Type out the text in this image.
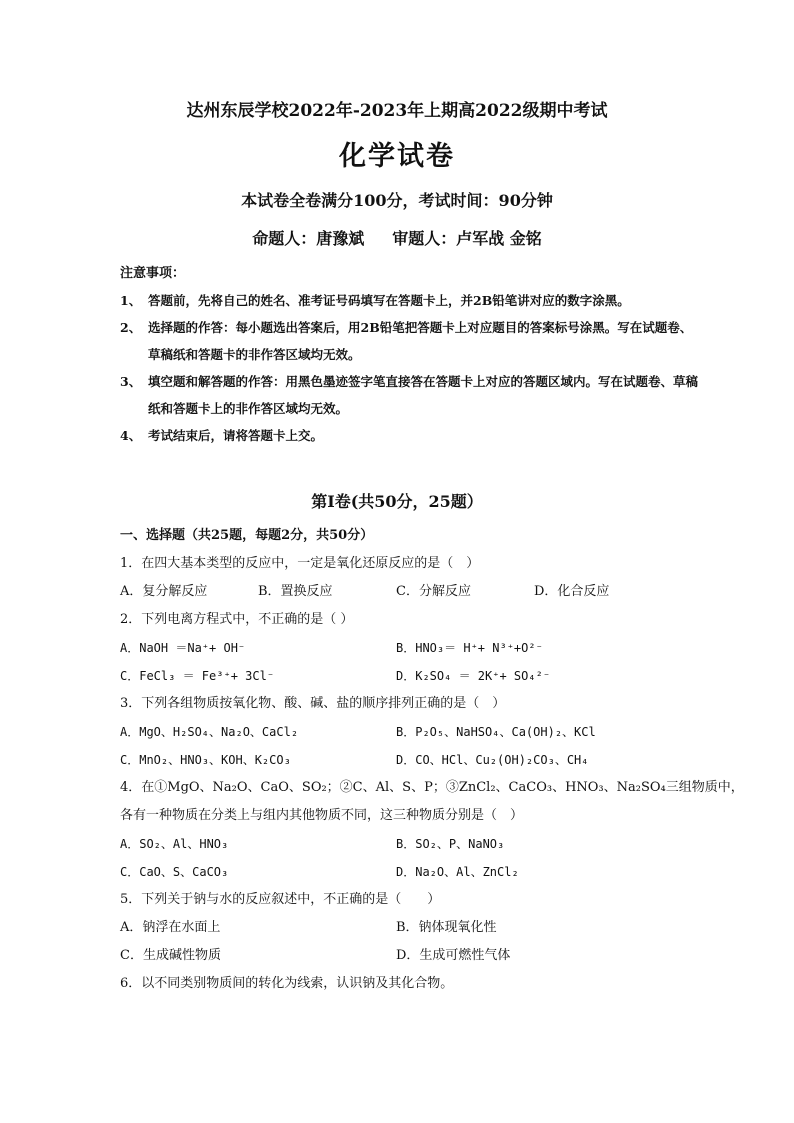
达州东辰学校2022年-2023年上期高2022级期中考试
化学试卷
本试卷全卷满分100分，考试时间：90分钟
命题人：唐豫斌 审题人：卢军战 金铭
注意事项：
1、 答题前，先将自己的姓名、准考证号码填写在答题卡上，并2B铅笔讲对应的数字涂黑。
2、 选择题的作答：每小题选出答案后，用2B铅笔把答题卡上对应题目的答案标号涂黑。写在试题卷、草稿纸和答题卡的非作答区域均无效。
3、 填空题和解答题的作答：用黑色墨迹签字笔直接答在答题卡上对应的答题区域内。写在试题卷、草稿纸和答题卡上的非作答区域均无效。
4、 考试结束后，请将答题卡上交。
第Ⅰ卷(共50分，25题）
一、选择题（共25题，每题2分，共50分）
1．在四大基本类型的反应中，一定是氧化还原反应的是（　）
A．复分解反应	B．置换反应	C．分解反应	D．化合反应
2．下列电离方程式中，不正确的是（ ）
A．NaOH ＝Na⁺+ OH⁻	B．HNO₃＝ H⁺+ N³⁺+O²⁻
C．FeCl₃ ＝ Fe³⁺+ 3Cl⁻	D．K₂SO₄ ＝ 2K⁺+ SO₄²⁻
3．下列各组物质按氧化物、酸、碱、盐的顺序排列正确的是（　）
A．MgO、H₂SO₄、Na₂O、CaCl₂	B．P₂O₅、NaHSO₄、Ca(OH)₂、KCl
C．MnO₂、HNO₃、KOH、K₂CO₃	D．CO、HCl、Cu₂(OH)₂CO₃、CH₄
4．在①MgO、Na₂O、CaO、SO₂；②C、Al、S、P；③ZnCl₂、CaCO₃、HNO₃、Na₂SO₄三组物质中，
各有一种物质在分类上与组内其他物质不同，这三种物质分别是（　）
A．SO₂、Al、HNO₃	B．SO₂、P、NaNO₃
C．CaO、S、CaCO₃	D．Na₂O、Al、ZnCl₂
5．下列关于钠与水的反应叙述中，不正确的是（　　）
A．钠浮在水面上	B．钠体现氧化性
C．生成碱性物质	D．生成可燃性气体
6．以不同类别物质间的转化为线索，认识钠及其化合物。
